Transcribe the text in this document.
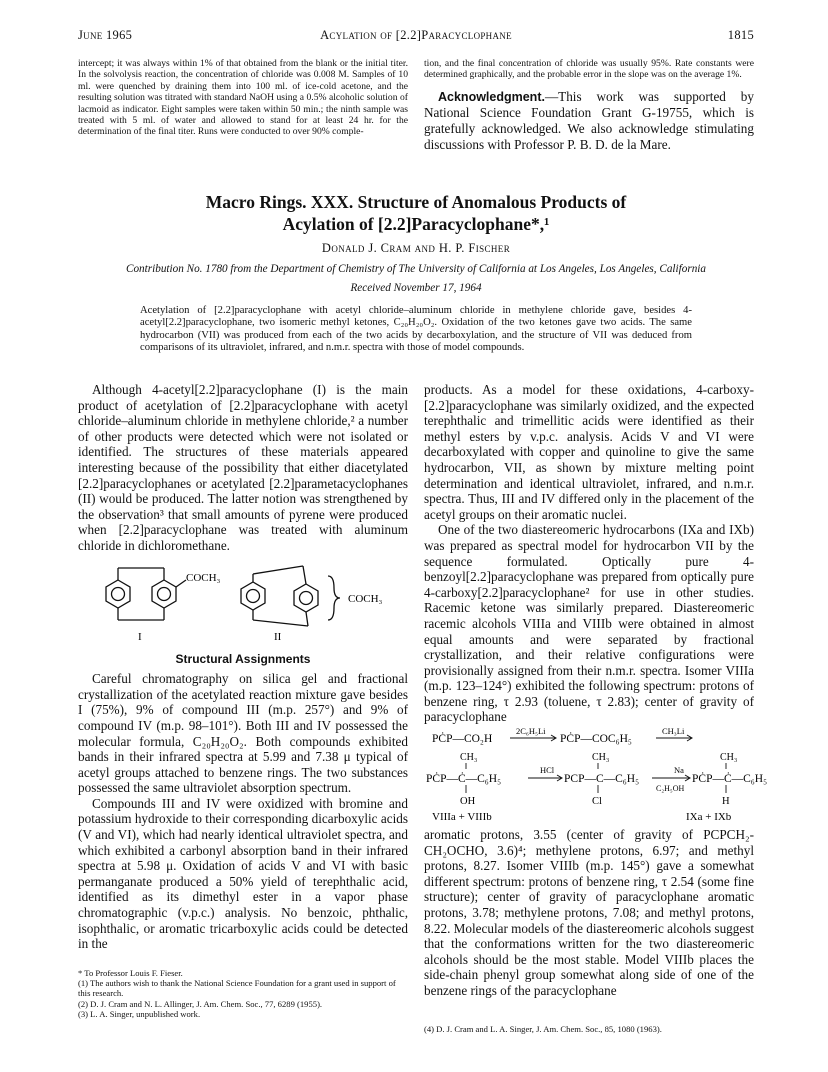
June 1965	Acylation of [2.2]Paracyclophane	1815

intercept; it was always within 1% of that obtained from the blank or the initial titer. In the solvolysis reaction, the concentration of chloride was 0.008 M. Samples of 10 ml. were quenched by draining them into 100 ml. of ice-cold acetone, and the resulting solution was titrated with standard NaOH using a 0.5% alcoholic solution of lacmoid as indicator. Eight samples were taken within 50 min.; the ninth sample was treated with 5 ml. of water and allowed to stand for at least 24 hr. for the determination of the final titer. Runs were conducted to over 90% comple-

tion, and the final concentration of chloride was usually 95%. Rate constants were determined graphically, and the probable error in the slope was on the average 1%.

Acknowledgment.—This work was supported by National Science Foundation Grant G-19755, which is gratefully acknowledged. We also acknowledge stimulating discussions with Professor P. B. D. de la Mare.

Macro Rings. XXX. Structure of Anomalous Products of
Acylation of [2.2]Paracyclophane*,¹
Donald J. Cram and H. P. Fischer
Contribution No. 1780 from the Department of Chemistry of The University of California at Los Angeles, Los Angeles, California
Received November 17, 1964
Acetylation of [2.2]paracyclophane with acetyl chloride–aluminum chloride in methylene chloride gave, besides 4-acetyl[2.2]paracyclophane, two isomeric methyl ketones, C₂₀H₂₀O₂. Oxidation of the two ketones gave two acids. The same hydrocarbon (VII) was produced from each of the two acids by decarboxylation, and the structure of VII was deduced from comparisons of its ultraviolet, infrared, and n.m.r. spectra with those of model compounds.

Although 4-acetyl[2.2]paracyclophane (I) is the main product of acetylation of [2.2]paracyclophane with acetyl chloride–aluminum chloride in methylene chloride,² a number of other products were detected which were not isolated or identified. The structures of these materials appeared interesting because of the possibility that either diacetylated [2.2]paracyclophanes or acetylated [2.2]parametacyclophanes (II) would be produced. The latter notion was strengthened by the observation³ that small amounts of pyrene were produced when [2.2]paracyclophane was treated with aluminum chloride in dichloromethane.

COCH₃
I
COCH₃
II
Structural Assignments

Careful chromatography on silica gel and fractional crystallization of the acetylated reaction mixture gave besides I (75%), 9% of compound III (m.p. 257°) and 9% of compound IV (m.p. 98–101°). Both III and IV possessed the molecular formula, C₂₀H₂₀O₂. Both compounds exhibited bands in their infrared spectra at 5.99 and 7.38 μ typical of acetyl groups attached to benzene rings. The two substances possessed the same ultraviolet absorption spectrum.

Compounds III and IV were oxidized with bromine and potassium hydroxide to their corresponding dicarboxylic acids (V and VI), which had nearly identical ultraviolet spectra, and which exhibited a carbonyl absorption band in their infrared spectra at 5.98 μ. Oxidation of acids V and VI with basic permanganate produced a 50% yield of terephthalic acid, identified as its dimethyl ester in a vapor phase chromatographic (v.p.c.) analysis. No benzoic, phthalic, isophthalic, or aromatic tricarboxylic acids could be detected in the

* To Professor Louis F. Fieser.

(1) The authors wish to thank the National Science Foundation for a grant used in support of this research.

(2) D. J. Cram and N. L. Allinger, J. Am. Chem. Soc., 77, 6289 (1955).

(3) L. A. Singer, unpublished work.

products. As a model for these oxidations, 4-carboxy-[2.2]paracyclophane was similarly oxidized, and the expected terephthalic and trimellitic acids were identified as their methyl esters by v.p.c. analysis. Acids V and VI were decarboxylated with copper and quinoline to give the same hydrocarbon, VII, as shown by mixture melting point determination and identical ultraviolet, infrared, and n.m.r. spectra. Thus, III and IV differed only in the placement of the acetyl groups on their aromatic nuclei.

One of the two diastereomeric hydrocarbons (IXa and IXb) was prepared as spectral model for hydrocarbon VII by the sequence formulated. Optically pure 4-benzoyl[2.2]paracyclophane was prepared from optically pure 4-carboxy[2.2]paracyclophane² for use in other studies. Racemic ketone was similarly prepared. Diastereomeric racemic alcohols VIIIa and VIIIb were obtained in almost equal amounts and were separated by fractional crystallization, and their relative configurations were provisionally assigned from their n.m.r. spectra. Isomer VIIIa (m.p. 123–124°) exhibited the following spectrum: protons of benzene ring, τ 2.93 (toluene, τ 2.83); center of gravity of paracyclophane

PĊP—CO₂H
2C₆H₅Li
PĊP—COC₆H₅
CH₃Li
CH₃	CH₃	CH₃
PĊP—Ċ—C₆H₅
HCl
PCP—C—C₆H₅
Na
C₂H₅OH
PĊP—Ċ—C₆H₅
OH	Cl	H
VIIIa + VIIIb	IXa + IXb

aromatic protons, 3.55 (center of gravity of PCPCH₂-CH₂OCHO, 3.6)⁴; methylene protons, 6.97; and methyl protons, 8.27. Isomer VIIIb (m.p. 145°) gave a somewhat different spectrum: protons of benzene ring, τ 2.54 (some fine structure); center of gravity of paracyclophane aromatic protons, 3.78; methylene protons, 7.08; and methyl protons, 8.22. Molecular models of the diastereomeric alcohols suggest that the conformations written for the two diastereomeric alcohols should be the most stable. Model VIIIb places the side-chain phenyl group somewhat along side of one of the benzene rings of the paracyclophane

(4) D. J. Cram and L. A. Singer, J. Am. Chem. Soc., 85, 1080 (1963).
